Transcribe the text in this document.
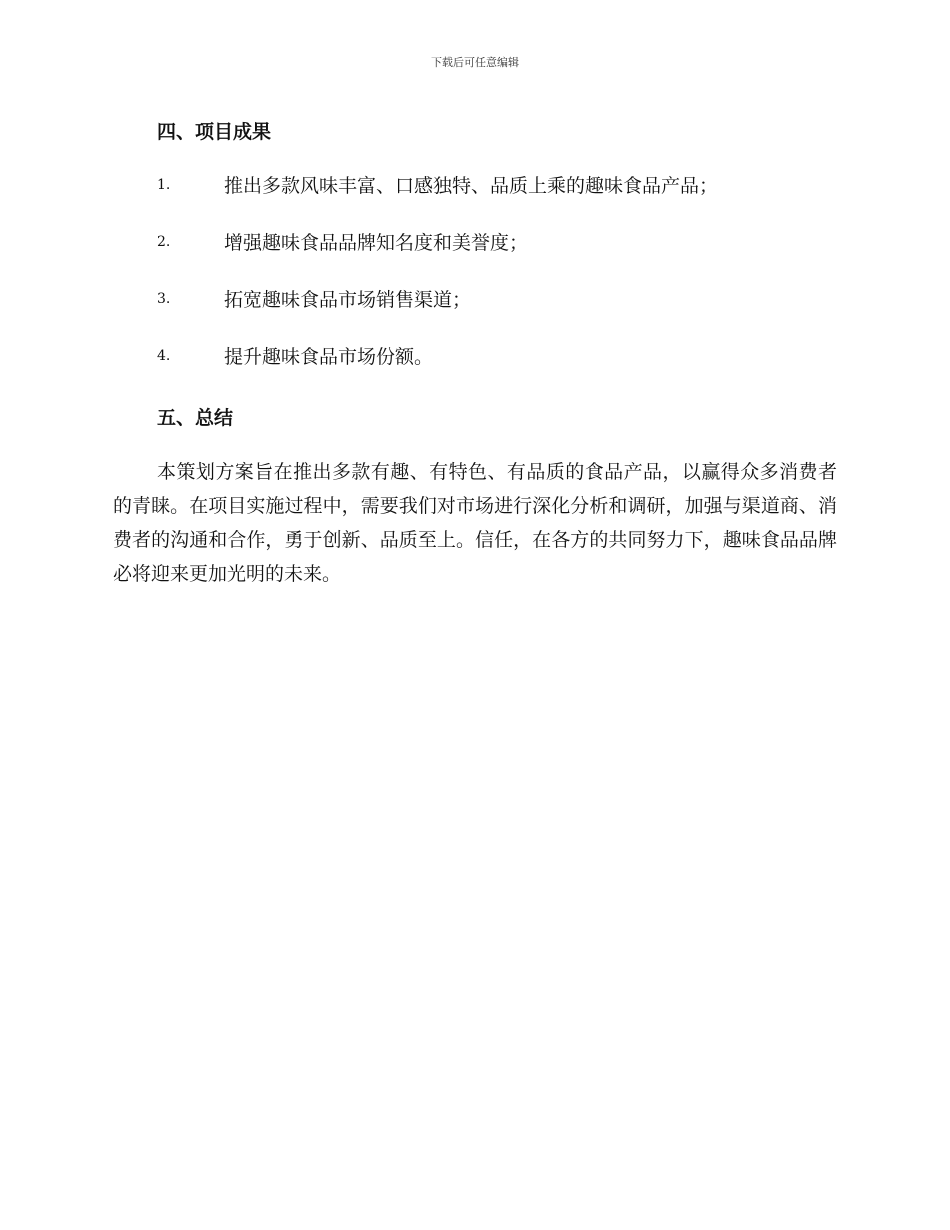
下载后可任意编辑
四、项目成果
1.	推出多款风味丰富、口感独特、品质上乘的趣味食品产品；
2.	增强趣味食品品牌知名度和美誉度；
3.	拓宽趣味食品市场销售渠道；
4.	提升趣味食品市场份额。
五、总结

本策划方案旨在推出多款有趣、有特色、有品质的食品产品，以赢得众多消费者的青睐。在项目实施过程中，需要我们对市场进行深化分析和调研，加强与渠道商、消费者的沟通和合作，勇于创新、品质至上。信任，在各方的共同努力下，趣味食品品牌必将迎来更加光明的未来。
